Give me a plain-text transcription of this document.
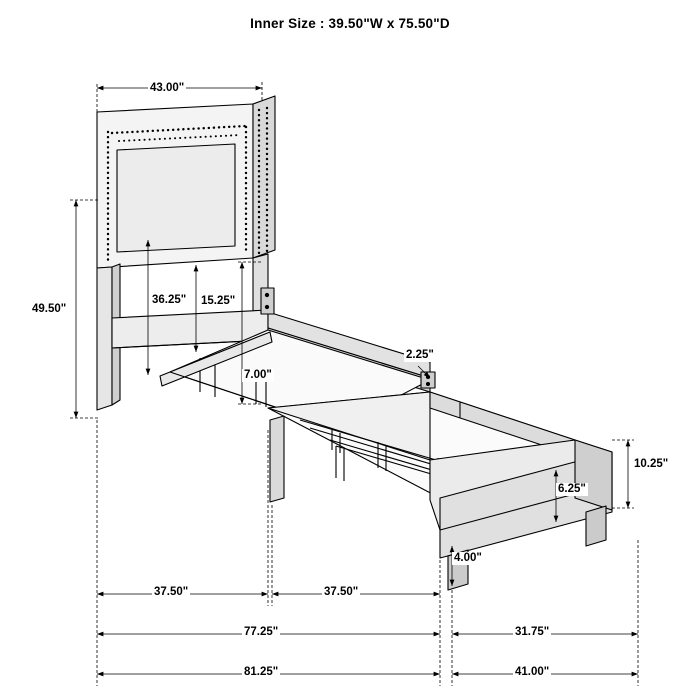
Inner Size : 39.50"W x 75.50"D
43.00"
49.50"
36.25" 15.25"
7.00"
2.25"
10.25"
6.25"
4.00"
37.50"	37.50"
77.25"	31.75"
81.25"	41.00"
